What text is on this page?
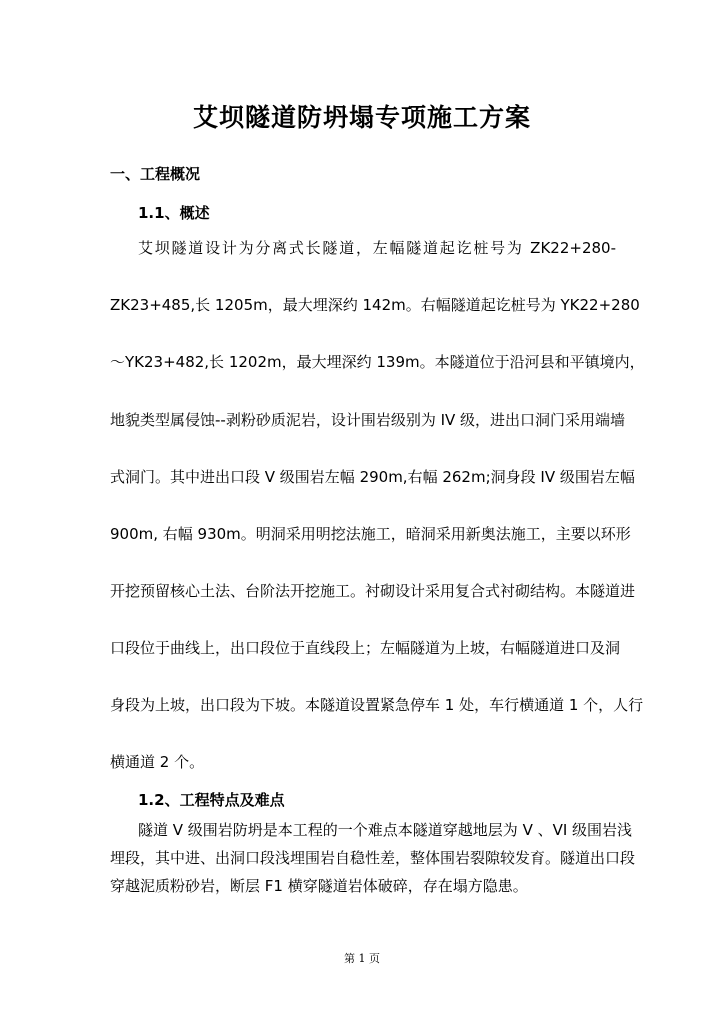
艾坝隧道防坍塌专项施工方案
一、工程概况
1.1、概述
艾坝隧道设计为分离式长隧道，左幅隧道起讫桩号为 ZK22+280-
ZK23+485,长 1205m，最大埋深约 142m。右幅隧道起讫桩号为 YK22+280
～YK23+482,长 1202m，最大埋深约 139m。本隧道位于沿河县和平镇境内，
地貌类型属侵蚀--剥粉砂质泥岩，设计围岩级别为 IV 级，进出口洞门采用端墙
式洞门。其中进出口段 V 级围岩左幅 290m,右幅 262m;洞身段 IV 级围岩左幅
900m, 右幅 930m。明洞采用明挖法施工，暗洞采用新奥法施工，主要以环形
开挖预留核心土法、台阶法开挖施工。衬砌设计采用复合式衬砌结构。本隧道进
口段位于曲线上，出口段位于直线段上；左幅隧道为上坡，右幅隧道进口及洞
身段为上坡，出口段为下坡。本隧道设置紧急停车 1 处，车行横通道 1 个，人行
横通道 2 个。
1.2、工程特点及难点
隧道 V 级围岩防坍是本工程的一个难点本隧道穿越地层为 V 、VI 级围岩浅
埋段，其中进、出洞口段浅埋围岩自稳性差，整体围岩裂隙较发育。隧道出口段
穿越泥质粉砂岩，断层 F1 横穿隧道岩体破碎，存在塌方隐患。
第 1 页
